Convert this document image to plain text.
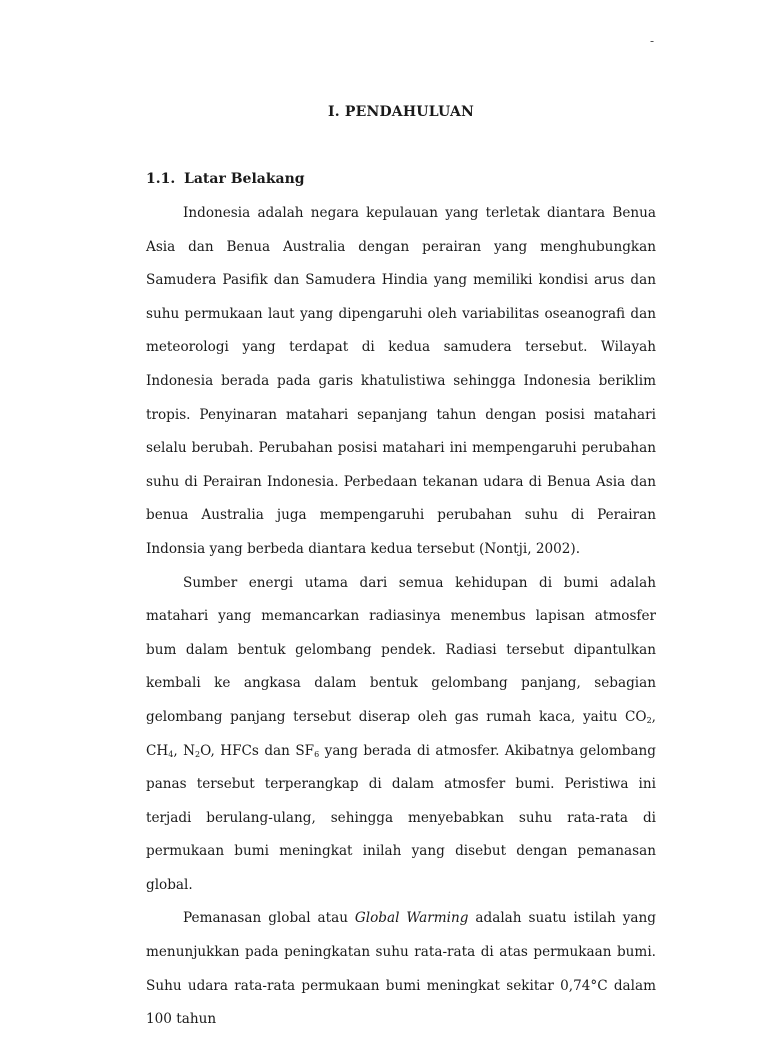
-
I. PENDAHULUAN
1.1. Latar Belakang

Indonesia adalah negara kepulauan yang terletak diantara Benua Asia dan Benua Australia dengan perairan yang menghubungkan Samudera Pasifik dan Samudera Hindia yang memiliki kondisi arus dan suhu permukaan laut yang dipengaruhi oleh variabilitas oseanografi dan meteorologi yang terdapat di kedua samudera tersebut. Wilayah Indonesia berada pada garis khatulistiwa sehingga Indonesia beriklim tropis. Penyinaran matahari sepanjang tahun dengan posisi matahari selalu berubah. Perubahan posisi matahari ini mempengaruhi perubahan suhu di Perairan Indonesia. Perbedaan tekanan udara di Benua Asia dan benua Australia juga mempengaruhi perubahan suhu di Perairan Indonsia yang berbeda diantara kedua tersebut (Nontji, 2002).

Sumber energi utama dari semua kehidupan di bumi adalah matahari yang memancarkan radiasinya menembus lapisan atmosfer bum dalam bentuk gelombang pendek. Radiasi tersebut dipantulkan kembali ke angkasa dalam bentuk gelombang panjang, sebagian gelombang panjang tersebut diserap oleh gas rumah kaca, yaitu $CO_2$, $CH_4$, $N_2O$, HFCs dan $SF_6$ yang berada di atmosfer. Akibatnya gelombang panas tersebut terperangkap di dalam atmosfer bumi. Peristiwa ini terjadi berulang-ulang, sehingga menyebabkan suhu rata-rata di permukaan bumi meningkat inilah yang disebut dengan pemanasan global.

Pemanasan global atau Global Warming adalah suatu istilah yang menunjukkan pada peningkatan suhu rata-rata di atas permukaan bumi. Suhu udara rata-rata permukaan bumi meningkat sekitar 0,74°C dalam 100 tahun
